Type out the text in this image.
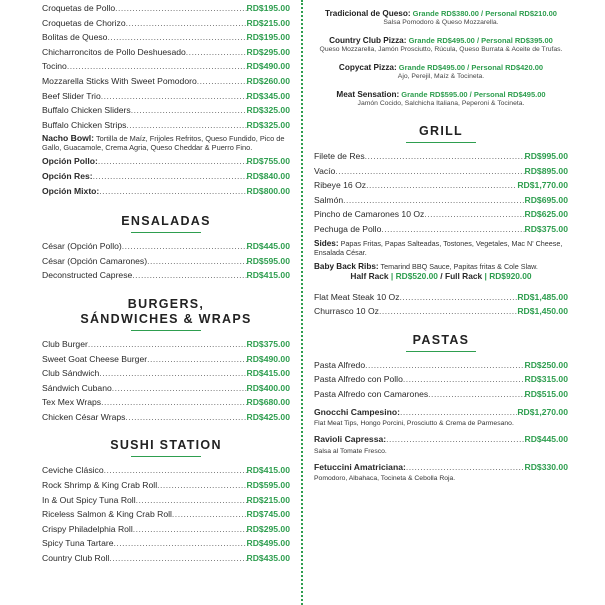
Croquetas de Pollo .....	RD$195.00
Croquetas de Chorizo .....	RD$215.00
Bolitas de Queso .....	RD$195.00
Chicharroncitos de Pollo Deshuesado .....	RD$295.00
Tocino .....	RD$490.00
Mozzarella Sticks With Sweet Pomodoro .....	RD$260.00
Beef Slider Trio .....	RD$345.00
Buffalo Chicken Sliders .....	RD$325.00
Buffalo Chicken Strips .....	RD$325.00
Nacho Bowl: Tortilla de Maíz, Frijoles Refritos, Queso Fundido, Pico de Gallo, Guacamole, Crema Agria, Queso Cheddar & Puerro Fino.
Opción Pollo: .....	RD$755.00
Opción Res: .....	RD$840.00
Opción Mixto: .....	RD$800.00
ENSALADAS
César (Opción Pollo) .....	RD$445.00
César (Opción Camarones) .....	RD$595.00
Deconstructed Caprese .....	RD$415.00
BURGERS,
SÁNDWICHES & WRAPS
Club Burger .....	RD$375.00
Sweet Goat Cheese Burger .....	RD$490.00
Club Sándwich .....	RD$415.00
Sándwich Cubano .....	RD$400.00
Tex Mex Wraps .....	RD$680.00
Chicken César Wraps .....	RD$425.00
SUSHI STATION
Ceviche Clásico .....	RD$415.00
Rock Shrimp & King Crab Roll .....	RD$595.00
In & Out Spicy Tuna Roll .....	RD$215.00
Riceless Salmon & King Crab Roll .....	RD$745.00
Crispy Philadelphia Roll .....	RD$295.00
Spicy Tuna Tartare .....	RD$495.00
Country Club Roll .....	RD$435.00
Tradicional de Queso: Grande RD$380.00 / Personal RD$210.00
Salsa Pomodoro & Queso Mozzarella.
Country Club Pizza: Grande RD$495.00 / Personal RD$395.00
Queso Mozzarella, Jamón Prosciutto, Rúcula, Queso Burrata & Aceite de Trufas.
Copycat Pizza: Grande RD$495.00 / Personal RD$420.00
Ajo, Perejil, Maíz & Tocineta.
Meat Sensation: Grande RD$595.00 / Personal RD$495.00
Jamón Cocido, Salchicha Italiana, Peperoni & Tocineta.
GRILL
Filete de Res .....	RD$995.00
Vacío .....	RD$895.00
Ribeye 16 Oz .....	RD$1,770.00
Salmón .....	RD$695.00
Pincho de Camarones 10 Oz .....	RD$625.00
Pechuga de Pollo .....	RD$375.00
Sides: Papas Fritas, Papas Salteadas, Tostones, Vegetales, Mac N' Cheese, Ensalada César.
Baby Back Ribs: Temarind BBQ Sauce, Papitas fritas & Cole Slaw.
Half Rack | RD$520.00 / Full Rack | RD$920.00
Flat Meat Steak 10 Oz .....	RD$1,485.00
Churrasco 10 Oz .....	RD$1,450.00
PASTAS
Pasta Alfredo .....	RD$250.00
Pasta Alfredo con Pollo .....	RD$315.00
Pasta Alfredo con Camarones .....	RD$515.00
Gnocchi Campesino: .....	RD$1,270.00
Flat Meat Tips, Hongo Porcini, Prosciutto & Crema de Parmesano.
Ravioli Capressa: .....	RD$445.00
Salsa al Tomate Fresco.
Fetuccini Amatriciana: .....	RD$330.00
Pomodoro, Albahaca, Tocineta & Cebolla Roja.
